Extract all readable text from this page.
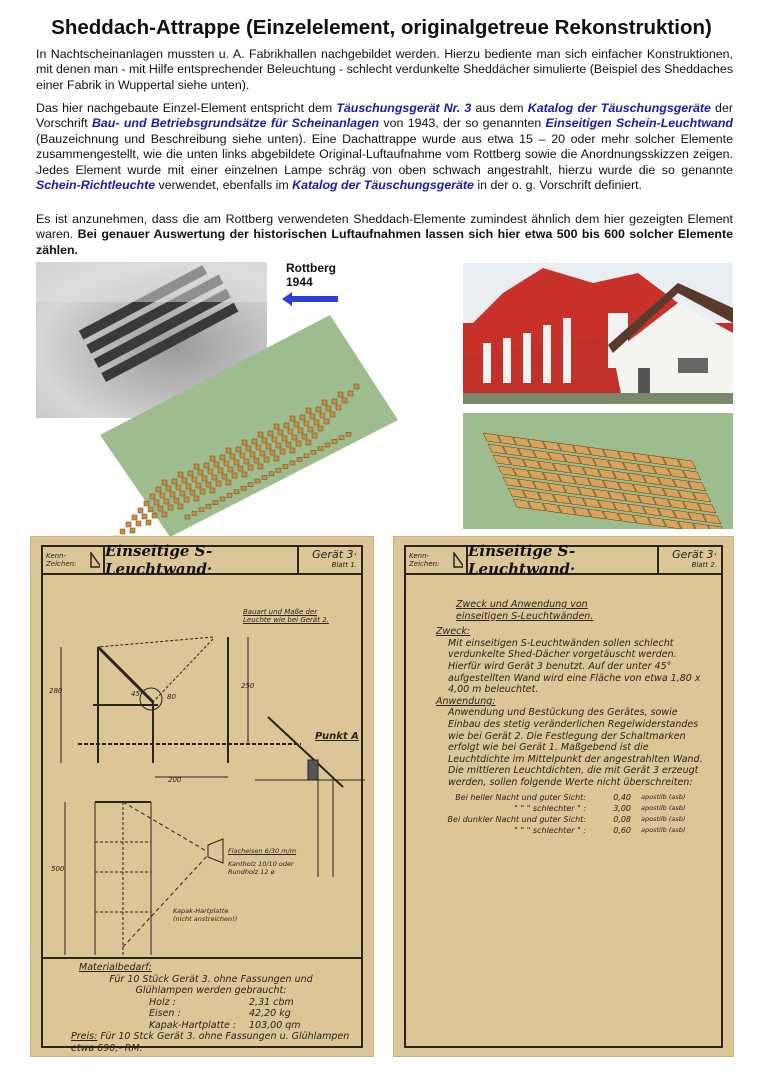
Sheddach-Attrappe (Einzelelement, originalgetreue Rekonstruktion)

In Nachtscheinanlagen mussten u. A. Fabrikhallen nachgebildet werden. Hierzu bediente man sich einfacher Konstruktionen, mit denen man - mit Hilfe entsprechender Beleuchtung - schlecht verdunkelte Sheddächer simulierte (Beispiel des Sheddaches einer Fabrik in Wuppertal siehe unten).

Das hier nachgebaute Einzel-Element entspricht dem Täuschungsgerät Nr. 3 aus dem Katalog der Täuschungsgeräte der Vorschrift Bau- und Betriebsgrundsätze für Scheinanlagen von 1943, der so genannten Einseitigen Schein-Leuchtwand (Bauzeichnung und Beschreibung siehe unten). Eine Dachattrappe wurde aus etwa 15 – 20 oder mehr solcher Elemente zusammengestellt, wie die unten links abgebildete Original-Luftaufnahme vom Rottberg sowie die Anordnungsskizzen zeigen. Jedes Element wurde mit einer einzelnen Lampe schräg von oben schwach angestrahlt, hierzu wurde die so genannte Schein-Richtleuchte verwendet, ebenfalls im Katalog der Täuschungsgeräte in der o. g. Vorschrift definiert.

Es ist anzunehmen, dass die am Rottberg verwendeten Sheddach-Elemente zumindest ähnlich dem hier gezeigten Element waren. Bei genauer Auswertung der historischen Luftaufnahmen lassen sich hier etwa 500 bis 600 solcher Elemente zählen.

Rottberg
1944
Kenn-Zeichen:
Einseitige S-Leuchtwand·
Gerät 3·
Blatt 1.
Bauart und Maße der Leuchte wie bei Gerät 2.
Punkt A
200
250
280
500
80
45°
Flacheisen 6/30 m/m
Kantholz 10/10 oder Rundholz 12 ø
Kapak-Hartplatte (nicht anstreichen!)
Materialbedarf:
Für 10 Stück Gerät 3. ohne Fassungen und Glühlampen werden gebraucht:
Holz :	2,31 cbm
Eisen :	42,20 kg
Kapak-Hartplatte :	103,00 qm
Preis: Für 10 Stck Gerät 3. ohne Fassungen u. Glühlampen etwa 690,- RM.
Kenn-Zeichen:
Einseitige S-Leuchtwand·
Gerät 3·
Blatt 2.
Zweck und Anwendung von einseitigen S-Leuchtwänden.
Zweck:
Mit einseitigen S-Leuchtwänden sollen schlecht verdunkelte Shed-Dächer vorgetäuscht werden. Hierfür wird Gerät 3 benutzt. Auf der unter 45° aufgestellten Wand wird eine Fläche von etwa 1,80 x 4,00 m beleuchtet.
Anwendung:
Anwendung und Bestückung des Gerätes, sowie Einbau des stetig veränderlichen Regelwiderstandes wie bei Gerät 2. Die Festlegung der Schaltmarken erfolgt wie bei Gerät 1. Maßgebend ist die Leuchtdichte im Mittelpunkt der angestrahlten Wand. Die mittleren Leuchtdichten, die mit Gerät 3 erzeugt werden, sollen folgende Werte nicht überschreiten:
Bei heller Nacht und guter Sicht:	0,40	apostilb (asb)
" " " schlechter " :	3,00	apostilb (asb)
Bei dunkler Nacht und guter Sicht:	0,08	apostilb (asb)
" " " schlechter " :	0,60	apostilb (asb)
